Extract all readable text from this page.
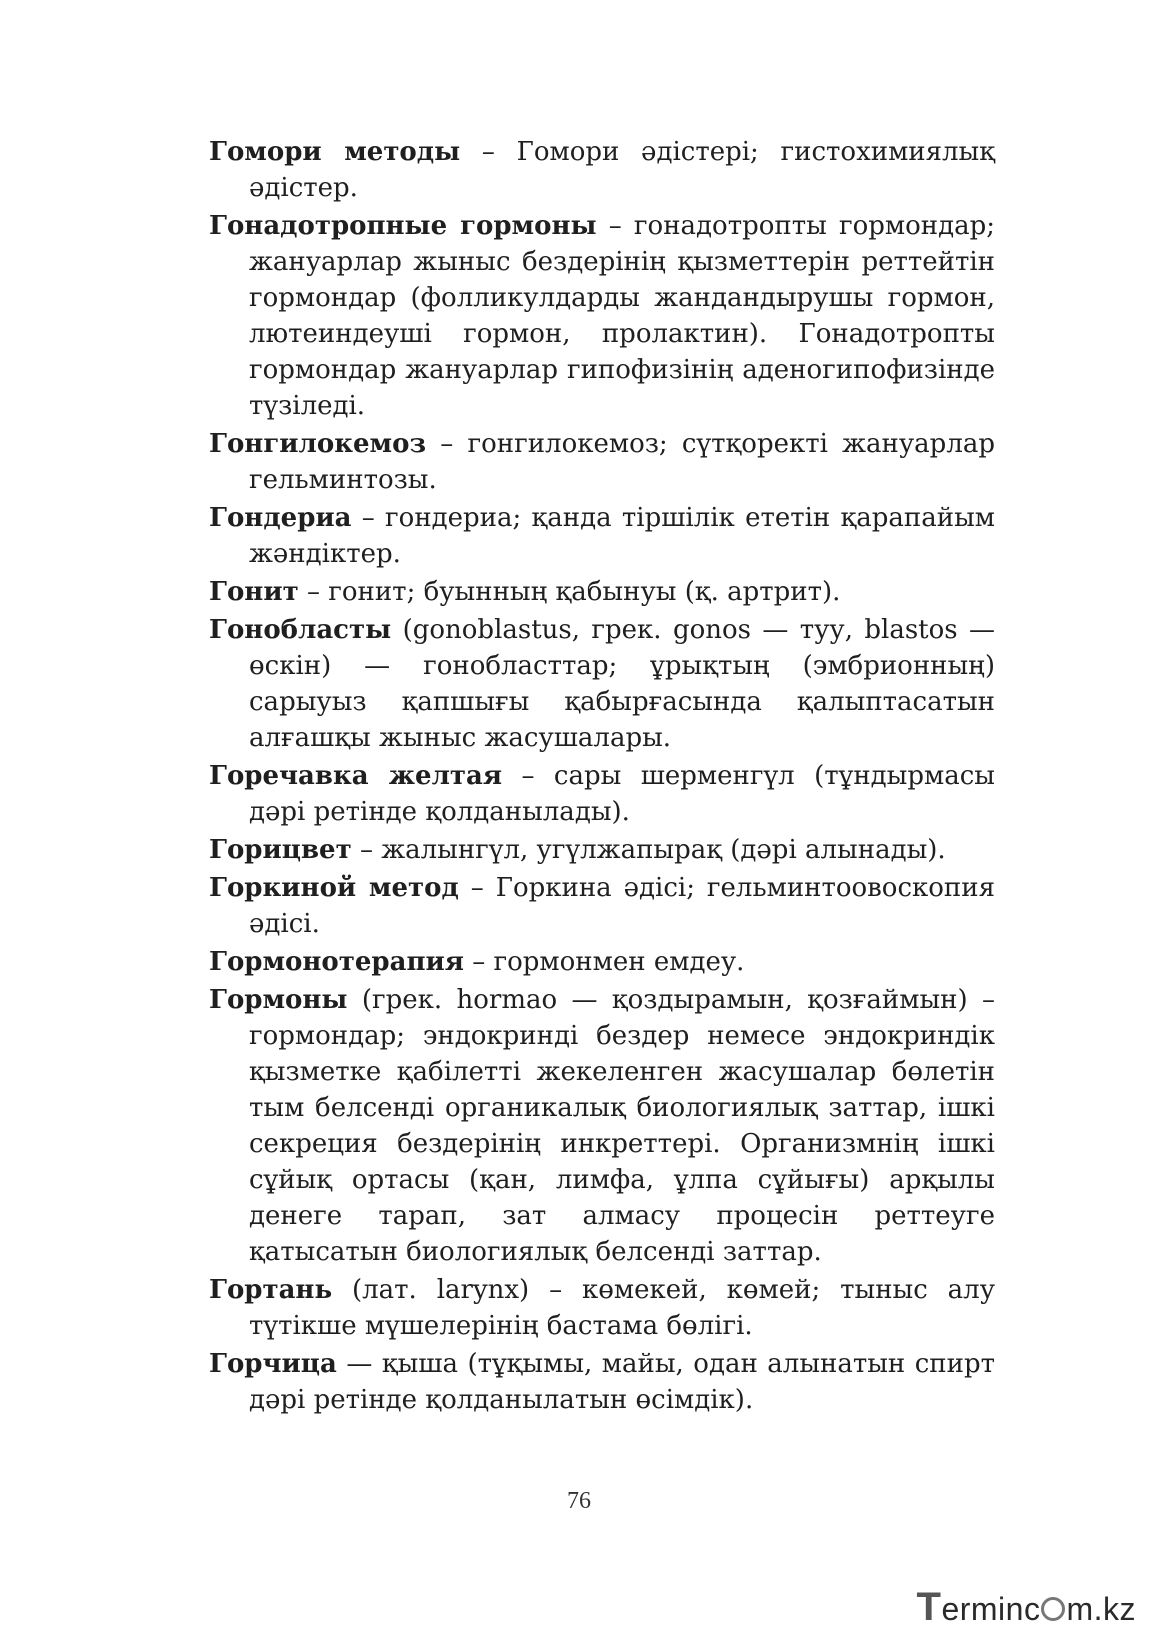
Гомори методы – Гомори әдістері; гистохимиялық әдістер.

Гонадотропные гормоны – гонадотропты гормондар; жануарлар жыныс бездерінің қызметтерін реттейтін гормондар (фолликулдарды жандандырушы гормон, лютеиндеуші гормон, пролактин). Гонадотропты гормондар жануарлар гипофизінің аденогипофизінде түзіледі.

Гонгилокемоз – гонгилокемоз; сүтқоректі жануарлар гельминтозы.

Гондериа – гондериа; қанда тіршілік ететін қарапайым жәндіктер.

Гонит – гонит; буынның қабынуы (қ. артрит).

Гонобласты (gonoblastus, грек. gonos — туу, blastos — өскін) — гонобласттар; ұрықтың (эмбрионның) сарыуыз қапшығы қабырғасында қалыптасатын алғашқы жыныс жасушалары.

Горечавка желтая – сары шерменгүл (тұндырмасы дәрі ретінде қолданылады).

Горицвет – жалынгүл, угүлжапырақ (дәрі алынады).

Горкиной метод – Горкина әдісі; гельминтоовоскопия әдісі.

Гормонотерапия – гормонмен емдеу.

Гормоны (грек. hormao — қоздырамын, қозғаймын) – гормондар; эндокринді бездер немесе эндокриндік қызметке қабілетті жекеленген жасушалар бөлетін тым белсенді органикалық биологиялық заттар, ішкі секреция бездерінің инкреттері. Организмнің ішкі сұйық ортасы (қан, лимфа, ұлпа сұйығы) арқылы денеге тарап, зат алмасу процесін реттеуге қатысатын биологиялық белсенді заттар.

Гортань (лат. larynx) – көмекей, көмей; тыныс алу түтікше мүшелерінің бастама бөлігі.

Горчица — қыша (тұқымы, майы, одан алынатын спирт дәрі ретінде қолданылатын өсімдік).

76
Terminc m.kz
